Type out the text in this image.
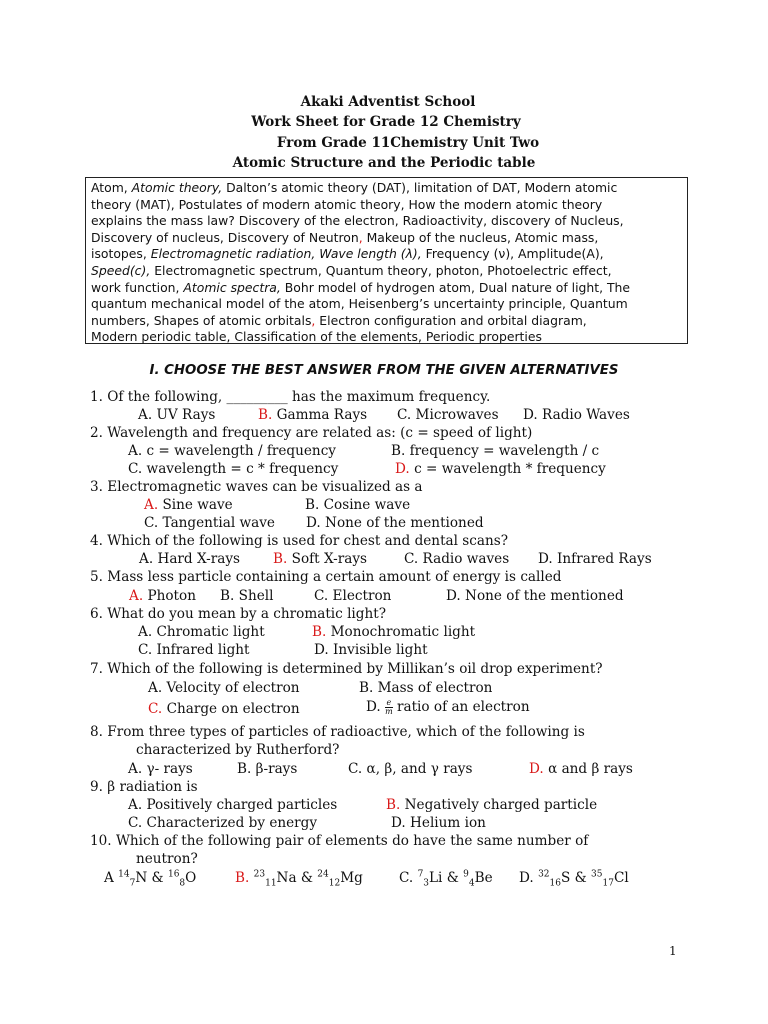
Akaki Adventist School
Work Sheet for Grade 12 Chemistry
From Grade 11Chemistry Unit Two
Atomic Structure and the Periodic table
Atom, Atomic theory, Dalton’s atomic theory (DAT), limitation of DAT, Modern atomic
theory (MAT), Postulates of modern atomic theory, How the modern atomic theory
explains the mass law? Discovery of the electron, Radioactivity, discovery of Nucleus,
Discovery of nucleus, Discovery of Neutron, Makeup of the nucleus, Atomic mass,
isotopes, Electromagnetic radiation, Wave length (λ), Frequency (ν), Amplitude(A),
Speed(c), Electromagnetic spectrum, Quantum theory, photon, Photoelectric effect,
work function, Atomic spectra, Bohr model of hydrogen atom, Dual nature of light, The
quantum mechanical model of the atom, Heisenberg’s uncertainty principle, Quantum
numbers, Shapes of atomic orbitals, Electron configuration and orbital diagram,
Modern periodic table, Classification of the elements, Periodic properties
I. CHOOSE THE BEST ANSWER FROM THE GIVEN ALTERNATIVES
1. Of the following, _________ has the maximum frequency.
A. UV Rays	B. Gamma Rays C. Microwaves D. Radio Waves
2. Wavelength and frequency are related as: (c = speed of light)
A. c = wavelength / frequency	B. frequency = wavelength / c
C. wavelength = c * frequency	D. c = wavelength * frequency
3. Electromagnetic waves can be visualized as a
A. Sine wave	B. Cosine wave
C. Tangential wave D. None of the mentioned
4. Which of the following is used for chest and dental scans?
A. Hard X-rays B. Soft X-rays	C. Radio waves D. Infrared Rays
5. Mass less particle containing a certain amount of energy is called
A. Photon B. Shell	C. Electron	D. None of the mentioned
6. What do you mean by a chromatic light?
A. Chromatic light	B. Monochromatic light
C. Infrared light	D. Invisible light
7. Which of the following is determined by Millikan’s oil drop experiment?
A. Velocity of electron	B. Mass of electron
C. Charge on electron	D. $\frac{e}{m}$ ratio of an electron
8. From three types of particles of radioactive, which of the following is
characterized by Rutherford?
A. γ- rays	B. β-rays	C. α, β, and γ rays	D. α and β rays
9. β radiation is
A. Positively charged particles	B. Negatively charged particle
C. Characterized by energy	D. Helium ion
10. Which of the following pair of elements do have the same number of
neutron?
A $^{14}_7$N & $^{16}_8$O	B. $^{23}_{11}$Na & $^{24}_{12}$Mg	C. $^7_3$Li & $^9_4$Be D. $^{32}_{16}$S & $^{35}_{17}$Cl
1
